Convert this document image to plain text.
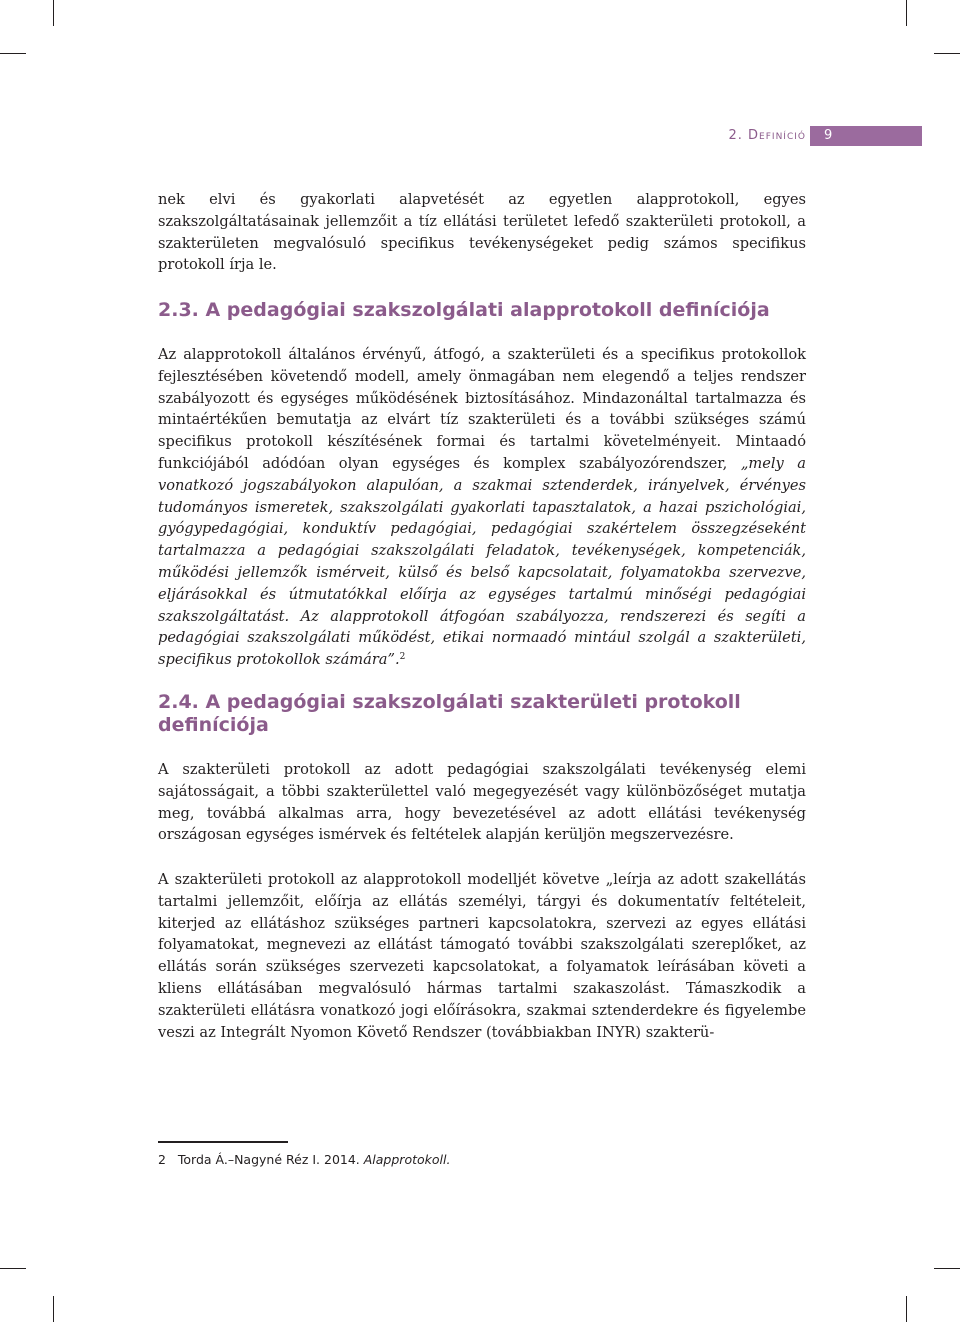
2. Definíció	9

nek elvi és gyakorlati alapvetését az egyetlen alapprotokoll, egyes szakszolgáltatásainak jellemzőit a tíz ellátási területet lefedő szakterületi protokoll, a szakterületen megvalósuló specifikus tevékenységeket pedig számos specifikus protokoll írja le.

2.3. A pedagógiai szakszolgálati alapprotokoll definíciója

Az alapprotokoll általános érvényű, átfogó, a szakterületi és a specifikus protokollok fejlesztésében követendő modell, amely önmagában nem elegendő a teljes rendszer szabályozott és egységes működésének biztosításához. Mindazonáltal tartalmazza és mintaértékűen bemutatja az elvárt tíz szakterületi és a további szükséges számú specifikus protokoll készítésének formai és tartalmi követelményeit. Mintaadó funkciójából adódóan olyan egységes és komplex szabályozórendszer, „mely a vonatkozó jogszabályokon alapulóan, a szakmai sztenderdek, irányelvek, érvényes tudományos ismeretek, szakszolgálati gyakorlati tapasztalatok, a hazai pszichológiai, gyógypedagógiai, konduktív pedagógiai, pedagógiai szakértelem összegzéseként tartalmazza a pedagógiai szakszolgálati feladatok, tevékenységek, kompetenciák, működési jellemzők ismérveit, külső és belső kapcsolatait, folyamatokba szervezve, eljárásokkal és útmutatókkal előírja az egységes tartalmú minőségi pedagógiai szakszolgáltatást. Az alapprotokoll átfogóan szabályozza, rendszerezi és segíti a pedagógiai szakszolgálati működést, etikai normaadó mintául szolgál a szakterületi, specifikus protokollok számára”.$^2$

2.4. A pedagógiai szakszolgálati szakterületi protokoll definíciója

A szakterületi protokoll az adott pedagógiai szakszolgálati tevékenység elemi sajátosságait, a többi szakterülettel való megegyezését vagy különbözőséget mutatja meg, továbbá alkalmas arra, hogy bevezetésével az adott ellátási tevékenység országosan egységes ismérvek és feltételek alapján kerüljön megszervezésre.

A szakterületi protokoll az alapprotokoll modelljét követve „leírja az adott szakellátás tartalmi jellemzőit, előírja az ellátás személyi, tárgyi és dokumentatív feltételeit, kiterjed az ellátáshoz szükséges partneri kapcsolatokra, szervezi az egyes ellátási folyamatokat, megnevezi az ellátást támogató további szakszolgálati szereplőket, az ellátás során szükséges szervezeti kapcsolatokat, a folyamatok leírásában követi a kliens ellátásában megvalósuló hármas tartalmi szakaszolást. Támaszkodik a szakterületi ellátásra vonatkozó jogi előírásokra, szakmai sztenderdekre és figyelembe veszi az Integrált Nyomon Követő Rendszer (továbbiakban INYR) szakterü-

2 Torda Á.–Nagyné Réz I. 2014. Alapprotokoll.
